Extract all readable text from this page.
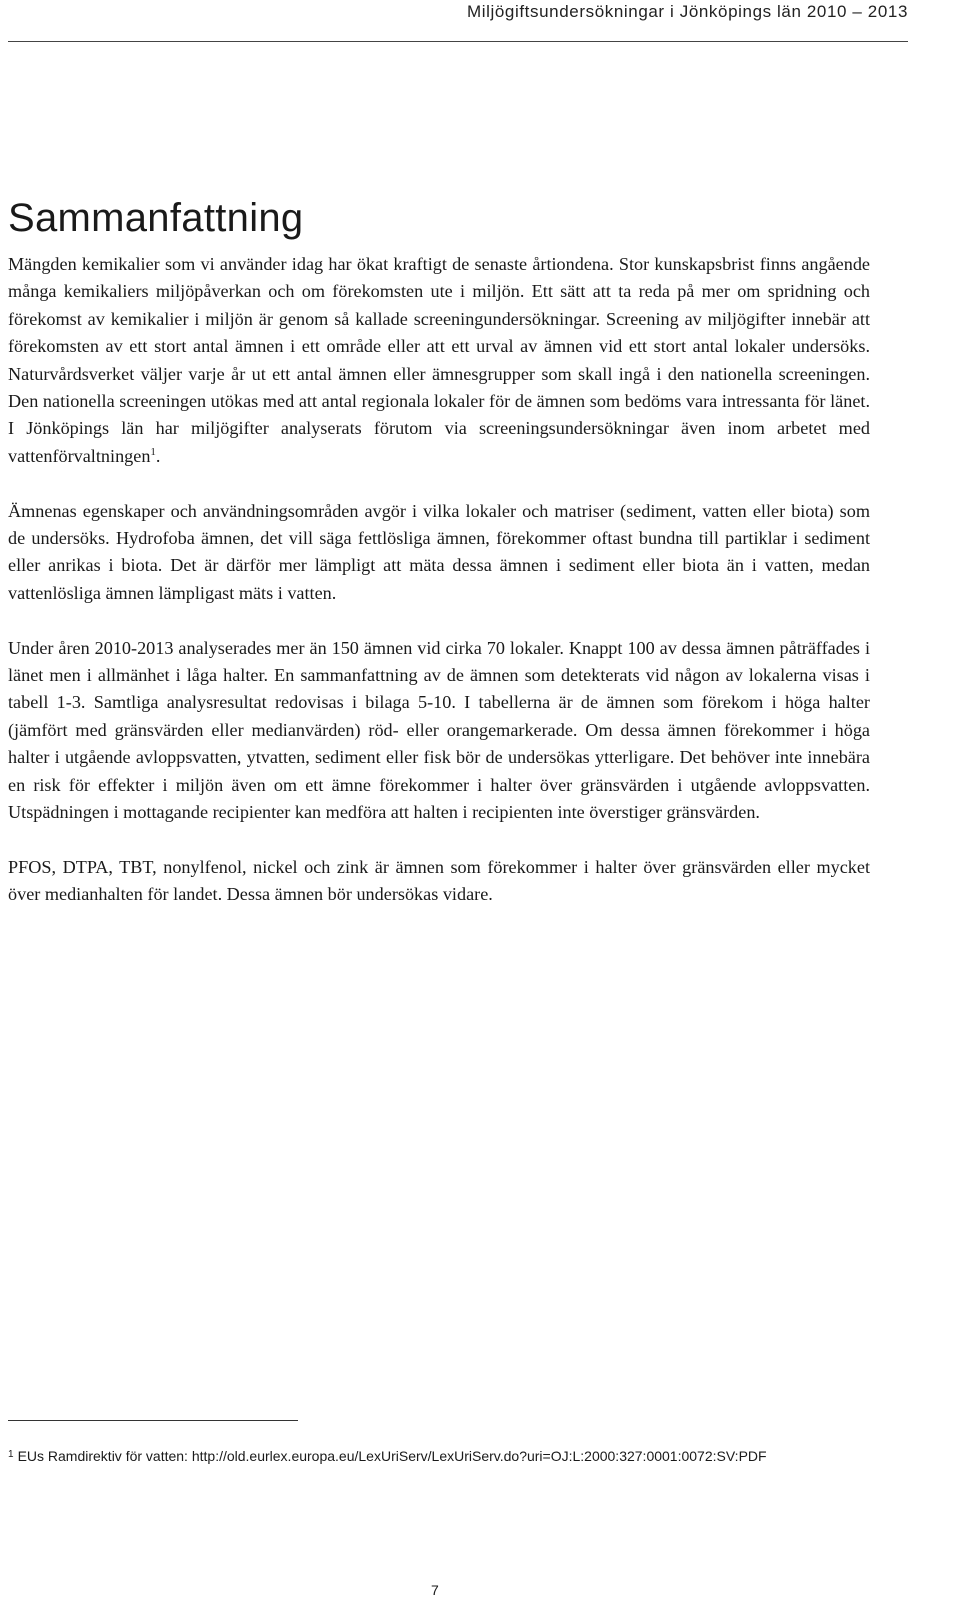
Miljögiftsundersökningar i Jönköpings län 2010 – 2013
Sammanfattning

Mängden kemikalier som vi använder idag har ökat kraftigt de senaste årtiondena. Stor kunskapsbrist finns angående många kemikaliers miljöpåverkan och om förekomsten ute i miljön. Ett sätt att ta reda på mer om spridning och förekomst av kemikalier i miljön är genom så kallade screeningundersökningar. Screening av miljögifter innebär att förekomsten av ett stort antal ämnen i ett område eller att ett urval av ämnen vid ett stort antal lokaler undersöks. Naturvårdsverket väljer varje år ut ett antal ämnen eller ämnesgrupper som skall ingå i den nationella screeningen. Den nationella screeningen utökas med att antal regionala lokaler för de ämnen som bedöms vara intressanta för länet. I Jönköpings län har miljögifter analyserats förutom via screeningsundersökningar även inom arbetet med vattenförvaltningen$^1$.

Ämnenas egenskaper och användningsområden avgör i vilka lokaler och matriser (sediment, vatten eller biota) som de undersöks. Hydrofoba ämnen, det vill säga fettlösliga ämnen, förekommer oftast bundna till partiklar i sediment eller anrikas i biota. Det är därför mer lämpligt att mäta dessa ämnen i sediment eller biota än i vatten, medan vattenlösliga ämnen lämpligast mäts i vatten.

Under åren 2010-2013 analyserades mer än 150 ämnen vid cirka 70 lokaler. Knappt 100 av dessa ämnen påträffades i länet men i allmänhet i låga halter. En sammanfattning av de ämnen som detekterats vid någon av lokalerna visas i tabell 1-3. Samtliga analysresultat redovisas i bilaga 5-10. I tabellerna är de ämnen som förekom i höga halter (jämfört med gränsvärden eller medianvärden) röd- eller orangemarkerade. Om dessa ämnen förekommer i höga halter i utgående avloppsvatten, ytvatten, sediment eller fisk bör de undersökas ytterligare. Det behöver inte innebära en risk för effekter i miljön även om ett ämne förekommer i halter över gränsvärden i utgående avloppsvatten. Utspädningen i mottagande recipienter kan medföra att halten i recipienten inte överstiger gränsvärden.

PFOS, DTPA, TBT, nonylfenol, nickel och zink är ämnen som förekommer i halter över gränsvärden eller mycket över medianhalten för landet. Dessa ämnen bör undersökas vidare.

$^1$ EUs Ramdirektiv för vatten: http://old.eurlex.europa.eu/LexUriServ/LexUriServ.do?uri=OJ:L:2000:327:0001:0072:SV:PDF
7
